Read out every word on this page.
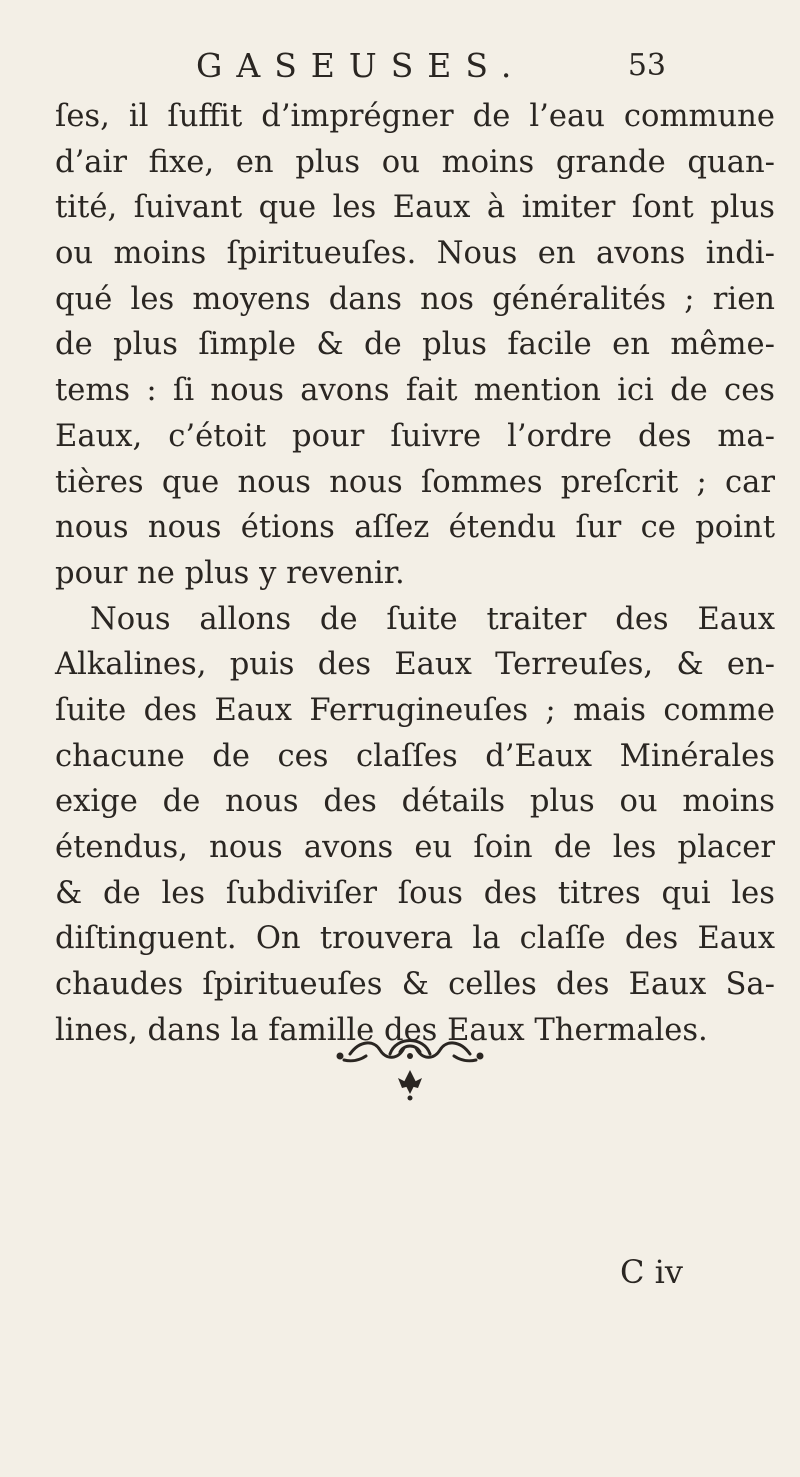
GASEUSES.	53
ſes, il ſuffit d’imprégner de l’eau commune
d’air fixe, en plus ou moins grande quan-
tité, ſuivant que les Eaux à imiter ſont plus
ou moins ſpiritueuſes. Nous en avons indi-
qué les moyens dans nos généralités ; rien
de plus ſimple & de plus facile en même-
tems : ſi nous avons fait mention ici de ces
Eaux, c’étoit pour ſuivre l’ordre des ma-
tières que nous nous ſommes preſcrit ; car
nous nous étions aſſez étendu ſur ce point
pour ne plus y revenir.
Nous allons de ſuite traiter des Eaux
Alkalines, puis des Eaux Terreuſes, & en-
ſuite des Eaux Ferrugineuſes ; mais comme
chacune de ces claſſes d’Eaux Minérales
exige de nous des détails plus ou moins
étendus, nous avons eu ſoin de les placer
& de les ſubdiviſer ſous des titres qui les
diſtinguent. On trouvera la claſſe des Eaux
chaudes ſpiritueuſes & celles des Eaux Sa-
lines, dans la famille des Eaux Thermales.
C iv
